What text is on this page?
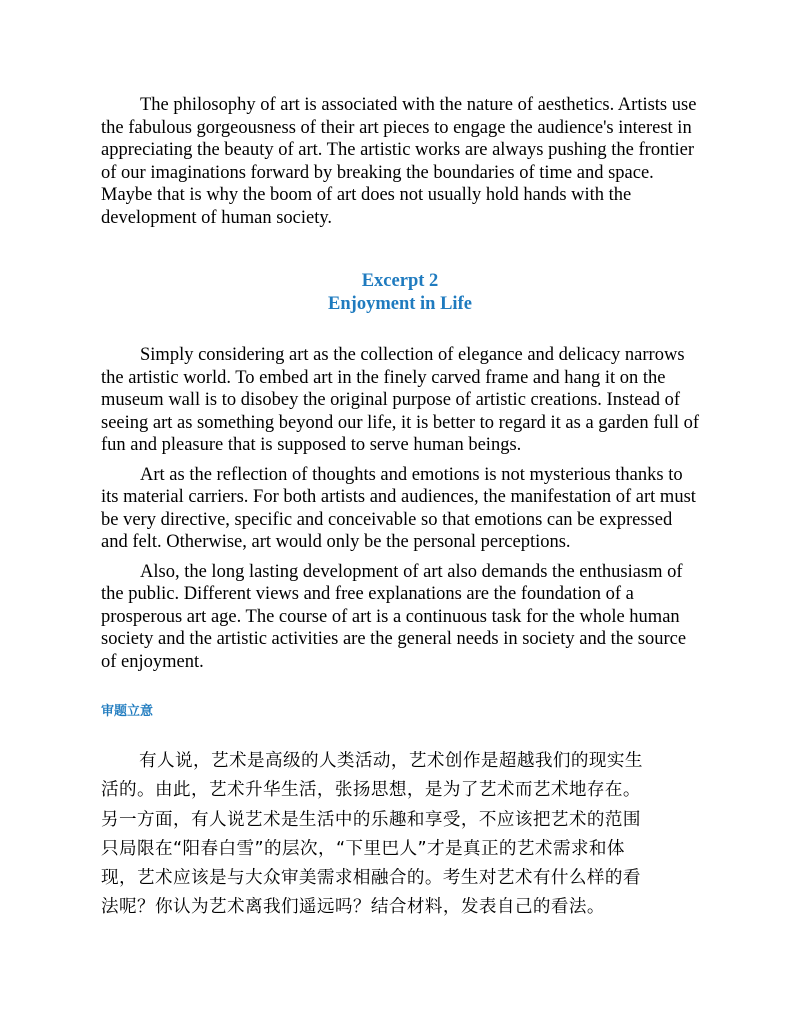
The philosophy of art is associated with the nature of aesthetics. Artists use the fabulous gorgeousness of their art pieces to engage the audience's interest in appreciating the beauty of art. The artistic works are always pushing the frontier of our imaginations forward by breaking the boundaries of time and space. Maybe that is why the boom of art does not usually hold hands with the development of human society.

Excerpt 2
Enjoyment in Life

Simply considering art as the collection of elegance and delicacy narrows the artistic world. To embed art in the finely carved frame and hang it on the museum wall is to disobey the original purpose of artistic creations. Instead of seeing art as something beyond our life, it is better to regard it as a garden full of fun and pleasure that is supposed to serve human beings.

Art as the reflection of thoughts and emotions is not mysterious thanks to its material carriers. For both artists and audiences, the manifestation of art must be very directive, specific and conceivable so that emotions can be expressed and felt. Otherwise, art would only be the personal perceptions.

Also, the long lasting development of art also demands the enthusiasm of the public. Different views and free explanations are the foundation of a prosperous art age. The course of art is a continuous task for the whole human society and the artistic activities are the general needs in society and the source of enjoyment.

审题立意
有人说，艺术是高级的人类活动，艺术创作是超越我们的现实生
活的。由此，艺术升华生活，张扬思想，是为了艺术而艺术地存在。
另一方面，有人说艺术是生活中的乐趣和享受，不应该把艺术的范围
只局限在“阳春白雪”的层次，“下里巴人”才是真正的艺术需求和体
现，艺术应该是与大众审美需求相融合的。考生对艺术有什么样的看
法呢？你认为艺术离我们遥远吗？结合材料，发表自己的看法。
